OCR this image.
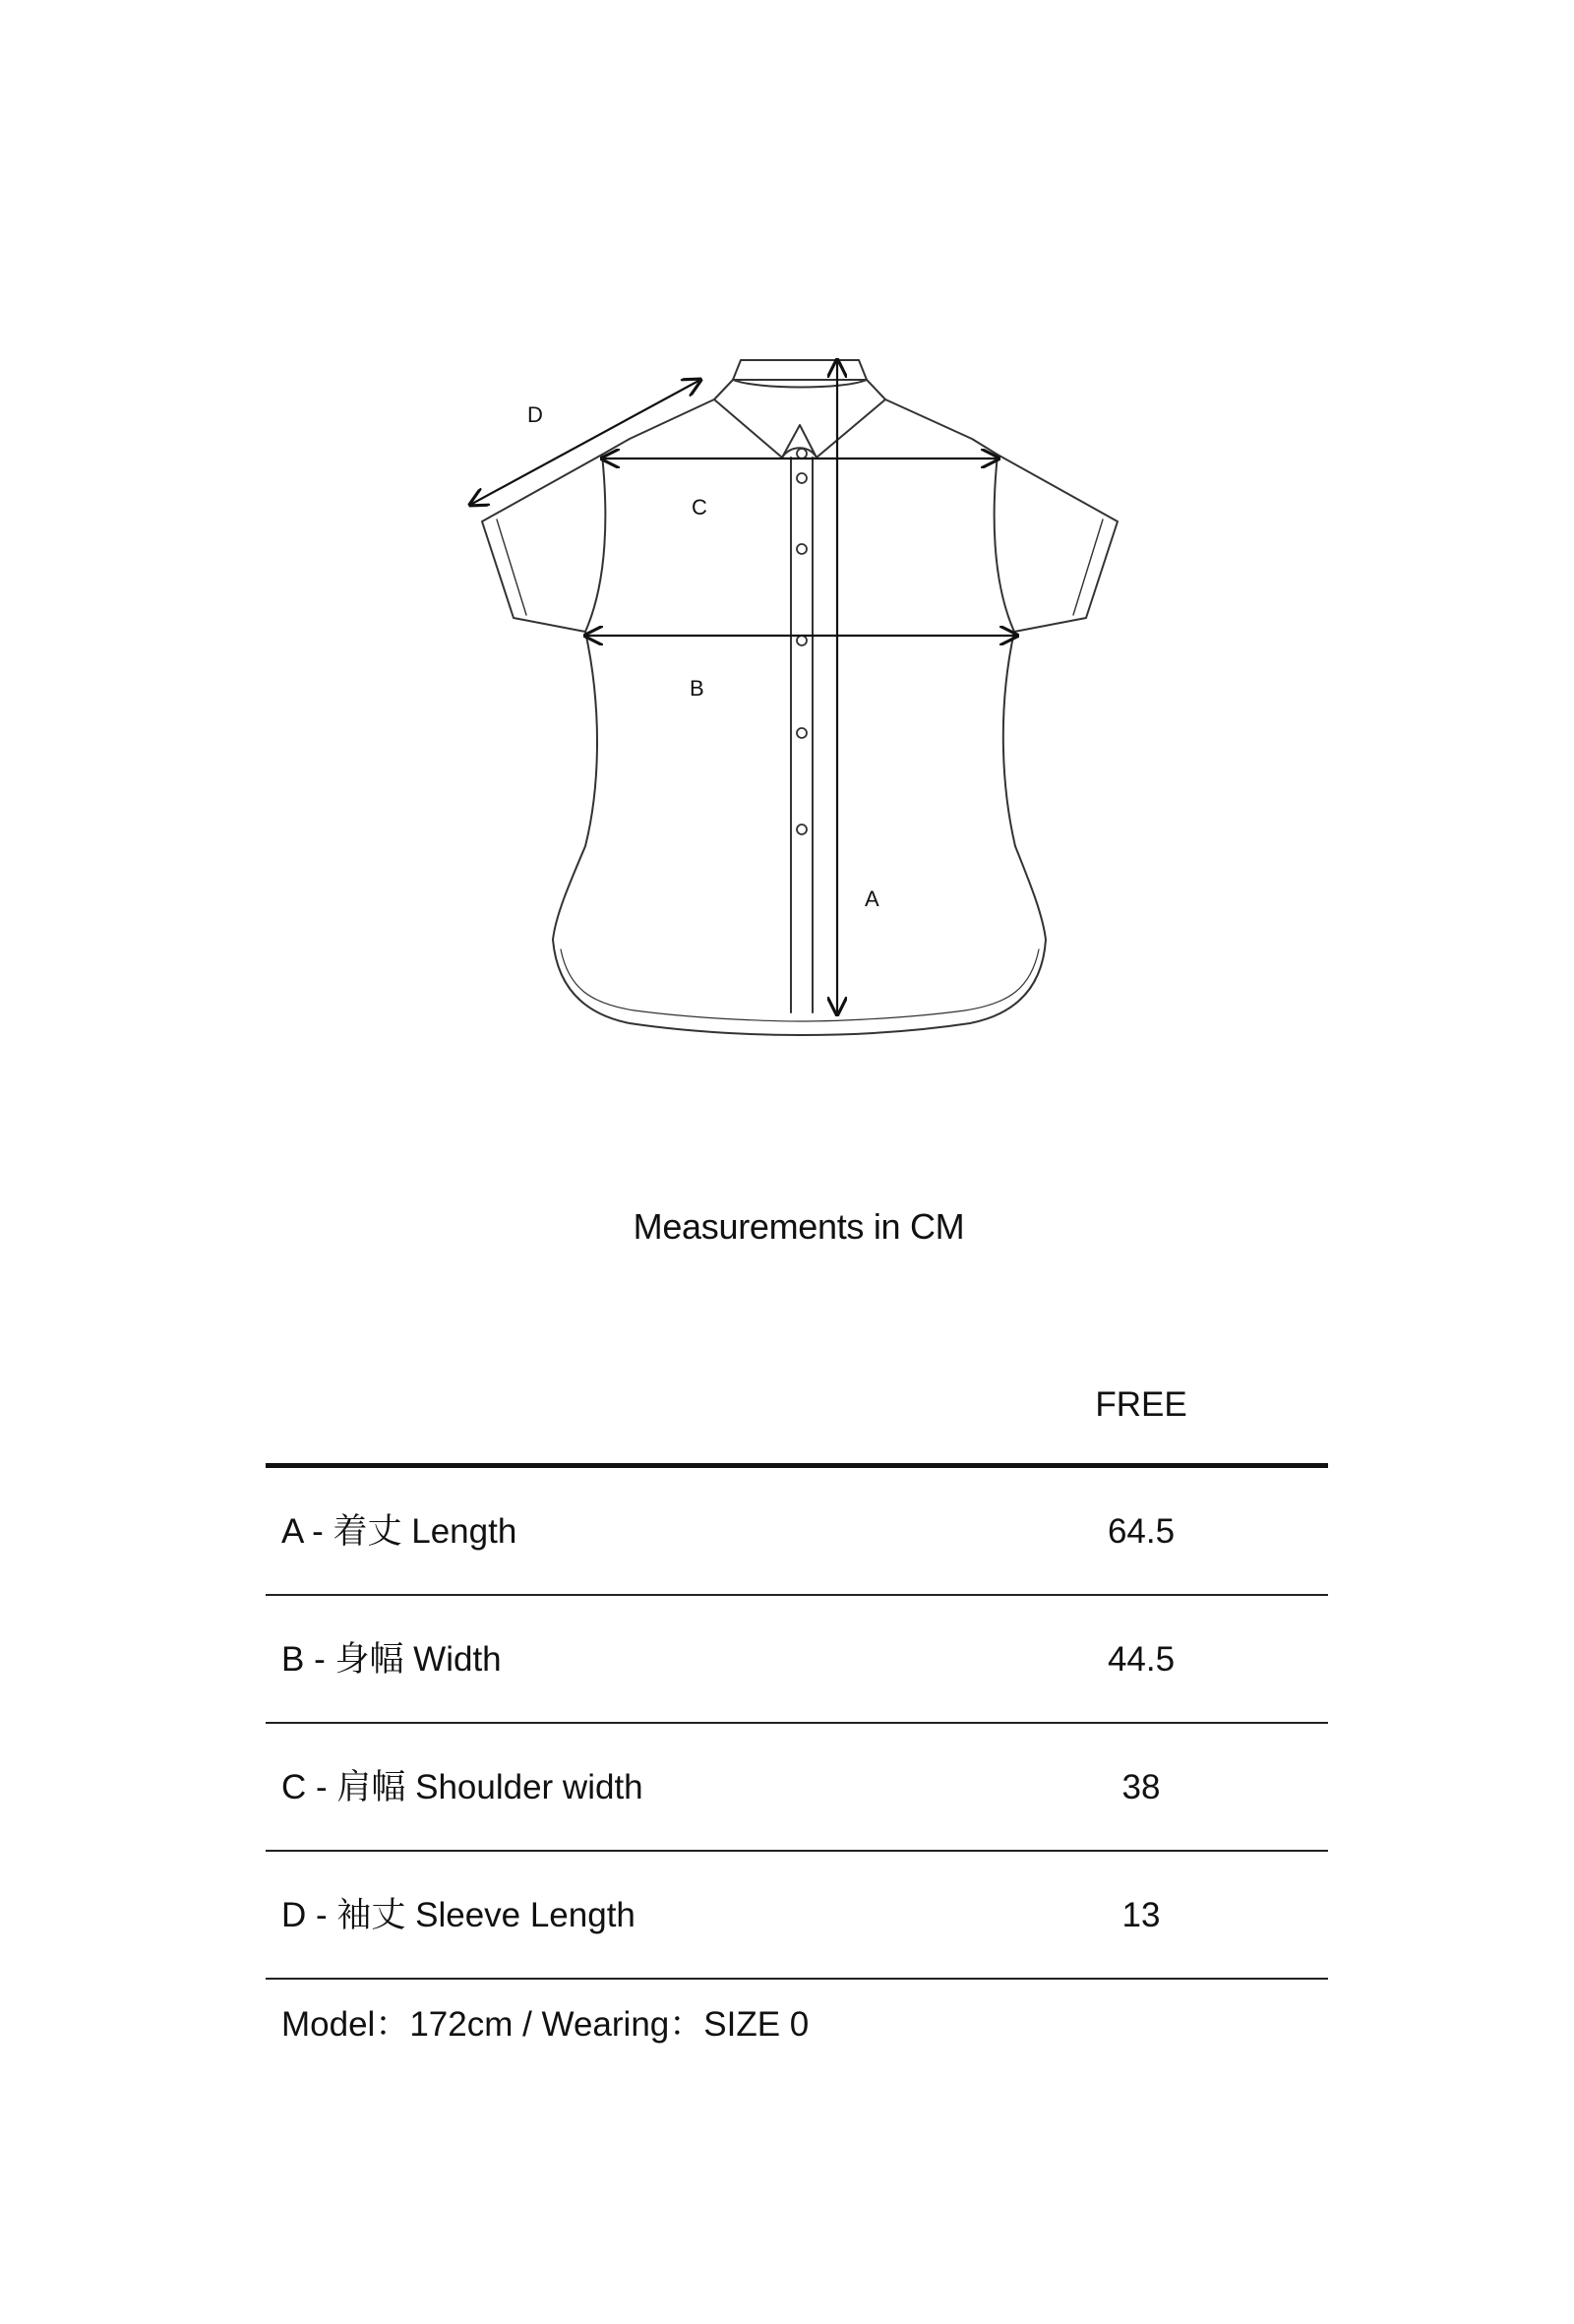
A
B
C
D
Measurements in CM
FREE
A - 着丈 Length	64.5
B - 身幅 Width	44.5
C - 肩幅 Shoulder width	38
D - 袖丈 Sleeve Length	13
Model：172cm / Wearing：SIZE 0
